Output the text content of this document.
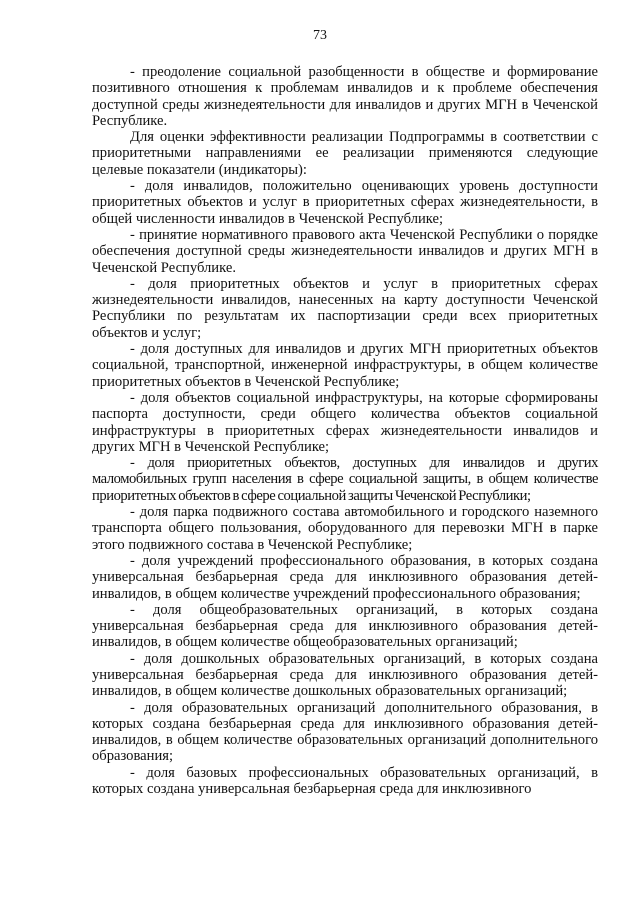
73

- преодоление социальной разобщенности в обществе и формирование позитивного отношения к проблемам инвалидов и к проблеме обеспечения доступной среды жизнедеятельности для инвалидов и других МГН в Чеченской Республике.

Для оценки эффективности реализации Подпрограммы в соответствии с приоритетными направлениями ее реализации применяются следующие целевые показатели (индикаторы):

- доля инвалидов, положительно оценивающих уровень доступности приоритетных объектов и услуг в приоритетных сферах жизнедеятельности, в общей численности инвалидов в Чеченской Республике;

- принятие нормативного правового акта Чеченской Республики о порядке обеспечения доступной среды жизнедеятельности инвалидов и других МГН в Чеченской Республике.

- доля приоритетных объектов и услуг в приоритетных сферах жизнедеятельности инвалидов, нанесенных на карту доступности Чеченской Республики по результатам их паспортизации среди всех приоритетных объектов и услуг;

- доля доступных для инвалидов и других МГН приоритетных объектов социальной, транспортной, инженерной инфраструктуры, в общем количестве приоритетных объектов в Чеченской Республике;

- доля объектов социальной инфраструктуры, на которые сформированы паспорта доступности, среди общего количества объектов социальной инфраструктуры в приоритетных сферах жизнедеятельности инвалидов и других МГН в Чеченской Республике;

- доля приоритетных объектов, доступных для инвалидов и других маломобильных групп населения в сфере социальной защиты, в общем количестве приоритетных объектов в сфере социальной защиты Чеченской Республики;

- доля парка подвижного состава автомобильного и городского наземного транспорта общего пользования, оборудованного для перевозки МГН в парке этого подвижного состава в Чеченской Республике;

- доля учреждений профессионального образования, в которых создана универсальная безбарьерная среда для инклюзивного образования детей-инвалидов, в общем количестве учреждений профессионального образования;

- доля общеобразовательных организаций, в которых создана универсальная безбарьерная среда для инклюзивного образования детей-инвалидов, в общем количестве общеобразовательных организаций;

- доля дошкольных образовательных организаций, в которых создана универсальная безбарьерная среда для инклюзивного образования детей-инвалидов, в общем количестве дошкольных образовательных организаций;

- доля образовательных организаций дополнительного образования, в которых создана безбарьерная среда для инклюзивного образования детей-инвалидов, в общем количестве образовательных организаций дополнительного образования;

- доля базовых профессиональных образовательных организаций, в которых создана универсальная безбарьерная среда для инклюзивного
